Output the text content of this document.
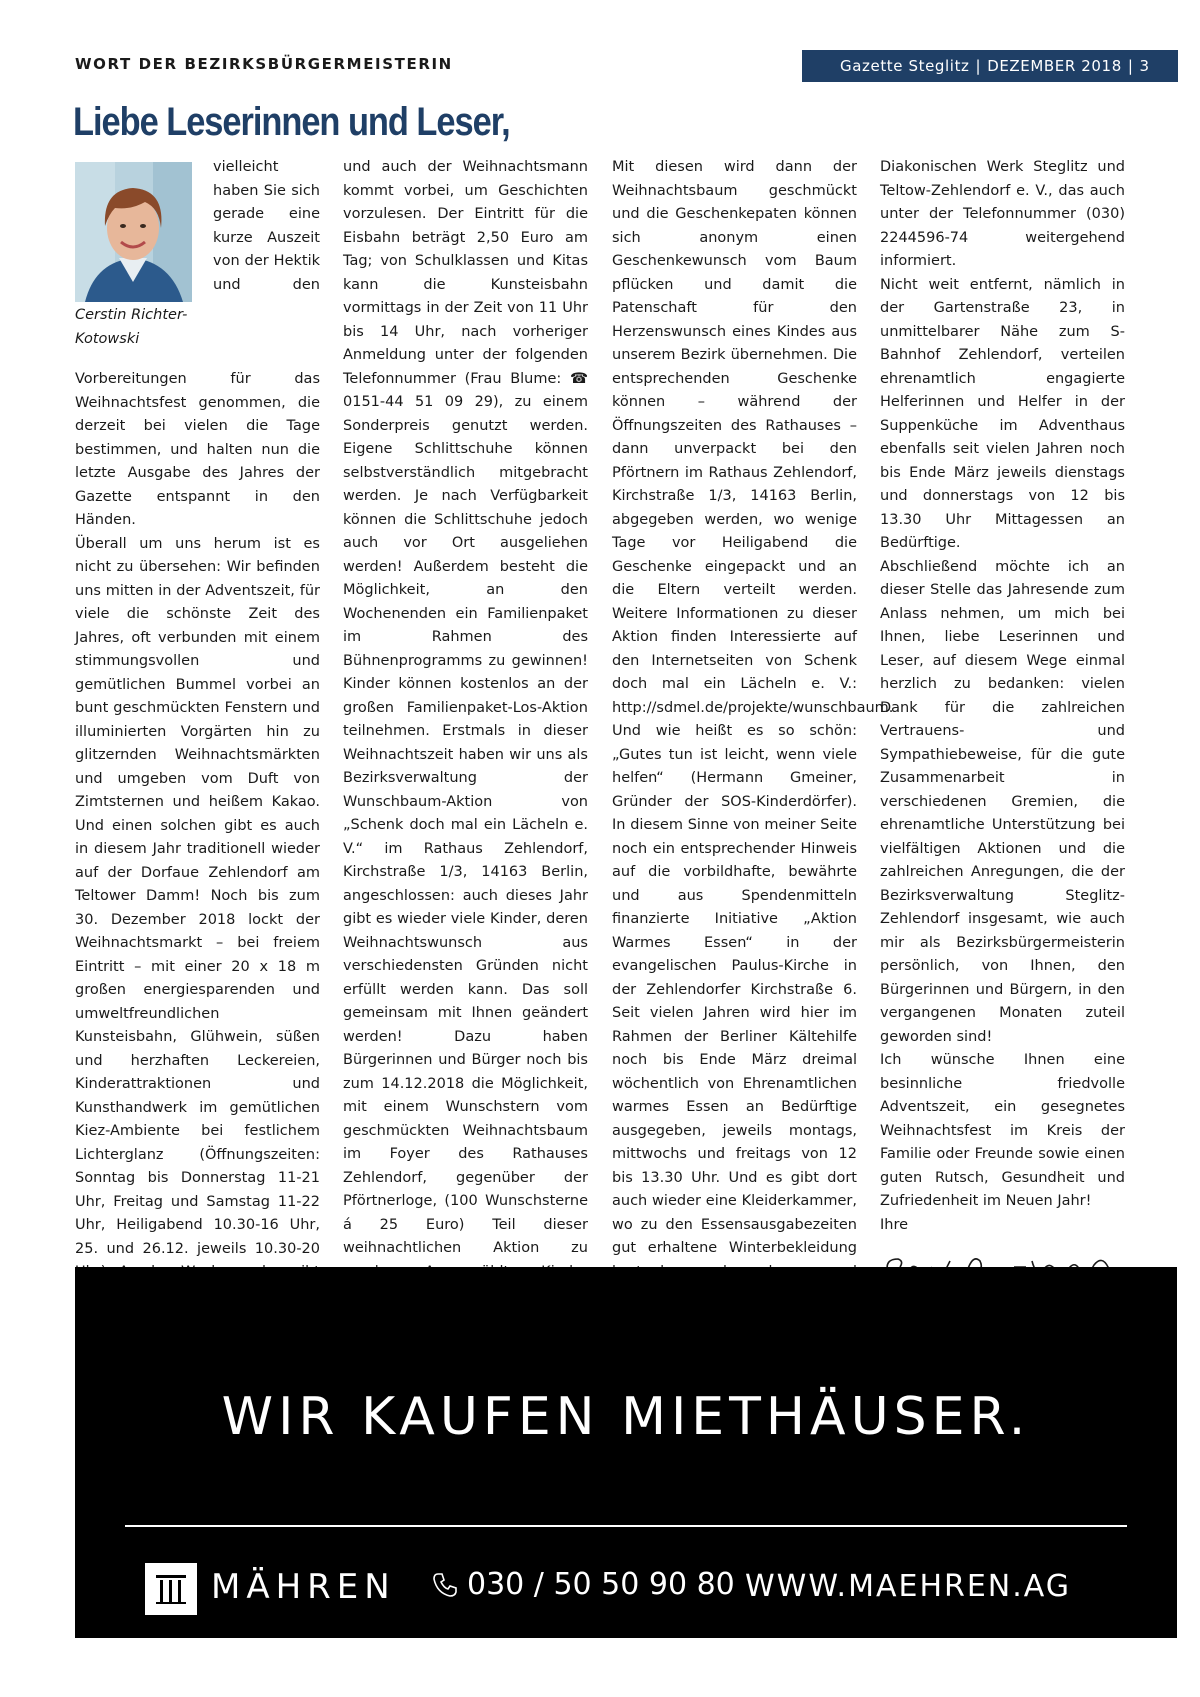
WORT DER BEZIRKSBÜRGERMEISTERIN	Gazette Steglitz | DEZEMBER 2018 | 3
Liebe Leserinnen und Leser,
Cerstin Richter-Kotowski

vielleicht haben Sie sich gerade eine kurze Auszeit von der Hektik und den Vorbereitungen für das Weihnachtsfest genommen, die derzeit bei vielen die Tage bestimmen, und halten nun die letzte Ausgabe des Jahres der Gazette entspannt in den Händen.

Überall um uns herum ist es nicht zu übersehen: Wir befinden uns mitten in der Adventszeit, für viele die schönste Zeit des Jahres, oft verbunden mit einem stimmungsvollen und gemütlichen Bummel vorbei an bunt geschmückten Fenstern und illuminierten Vorgärten hin zu glitzernden Weihnachtsmärkten und umgeben vom Duft von Zimtsternen und heißem Kakao. Und einen solchen gibt es auch in diesem Jahr traditionell wieder auf der Dorfaue Zehlendorf am Teltower Damm! Noch bis zum 30. Dezember 2018 lockt der Weihnachtsmarkt – bei freiem Eintritt – mit einer 20 x 18 m großen energiesparenden und umweltfreundlichen Kunsteisbahn, Glühwein, süßen und herzhaften Leckereien, Kinderattraktionen und Kunsthandwerk im gemütlichen Kiez-Ambiente bei festlichem Lichterglanz (Öffnungszeiten: Sonntag bis Donnerstag 11-21 Uhr, Freitag und Samstag 11-22 Uhr, Heiligabend 10.30-16 Uhr, 25. und 26.12. jeweils 10.30-20

und auch der Weihnachtsmann kommt vorbei, um Geschichten vorzulesen. Der Eintritt für die Eisbahn beträgt 2,50 Euro am Tag; von Schulklassen und Kitas kann die Kunsteisbahn vormittags in der Zeit von 11 Uhr bis 14 Uhr, nach vorheriger Anmeldung unter der folgenden Telefonnummer (Frau Blume: ☎ 0151-44 51 09 29), zu einem Sonderpreis genutzt werden. Eigene Schlittschuhe können selbstverständlich mitgebracht werden. Je nach Verfügbarkeit können die Schlittschuhe jedoch auch vor Ort ausgeliehen werden! Außerdem besteht die Möglichkeit, an den Wochenenden ein Familienpaket im Rahmen des Bühnenprogramms zu gewinnen! Kinder können kostenlos an der großen Familienpaket-Los-Aktion teilnehmen. Erstmals in dieser Weihnachtszeit haben wir uns als Bezirksverwaltung der Wunschbaum-Aktion von „Schenk doch mal ein Lächeln e. V.“ im Rathaus Zehlendorf, Kirchstraße 1/3, 14163 Berlin, angeschlossen: auch dieses Jahr gibt es wieder viele Kinder, deren Weihnachtswunsch aus verschiedensten Gründen nicht erfüllt werden kann. Das soll gemeinsam mit Ihnen geändert werden! Dazu haben Bürgerinnen und Bürger noch bis zum 14.12.2018 die Möglichkeit, mit einem Wunschstern vom geschmückten Weihnachtsbaum im Foyer des Rathauses Zehlendorf, gegenüber der Pförtnerloge, (100 Wunschsterne á 25 Euro) Teil dieser weihnachtlichen Aktion zu

Mit diesen wird dann der Weihnachtsbaum geschmückt und die Geschenkepaten können sich anonym einen Geschenkewunsch vom Baum pflücken und damit die Patenschaft für den Herzenswunsch eines Kindes aus unserem Bezirk übernehmen. Die entsprechenden Geschenke können – während der Öffnungszeiten des Rathauses – dann unverpackt bei den Pförtnern im Rathaus Zehlendorf, Kirchstraße 1/3, 14163 Berlin, abgegeben werden, wo wenige Tage vor Heiligabend die Geschenke eingepackt und an die Eltern verteilt werden. Weitere Informationen zu dieser Aktion finden Interessierte auf den Internetseiten von Schenk doch mal ein Lächeln e. V.: http://sdmel.de/projekte/wunschbaum.

Und wie heißt es so schön: „Gutes tun ist leicht, wenn viele helfen“ (Hermann Gmeiner, Gründer der SOS-Kinderdörfer). In diesem Sinne von meiner Seite noch ein entsprechender Hinweis auf die vorbildhafte, bewährte und aus Spendenmitteln finanzierte Initiative „Aktion Warmes Essen“ in der evangelischen Paulus-Kirche in der Zehlendorfer Kirchstraße 6. Seit vielen Jahren wird hier im Rahmen der Berliner Kältehilfe noch bis Ende März dreimal wöchentlich von Ehrenamtlichen warmes Essen an Bedürftige ausgegeben, jeweils montags, mittwochs und freitags von 12 bis 13.30 Uhr. Und es gibt dort auch wieder eine Kleiderkammer, wo zu den Essensausgabezeiten gut erhaltene Winterbekleidung

Diakonischen Werk Steglitz und Teltow-Zehlendorf e. V., das auch unter der Telefonnummer (030) 2244596-74 weitergehend informiert.

Nicht weit entfernt, nämlich in der Gartenstraße 23, in unmittelbarer Nähe zum S-Bahnhof Zehlendorf, verteilen ehrenamtlich engagierte Helferinnen und Helfer in der Suppenküche im Adventhaus ebenfalls seit vielen Jahren noch bis Ende März jeweils dienstags und donnerstags von 12 bis 13.30 Uhr Mittagessen an Bedürftige.

Abschließend möchte ich an dieser Stelle das Jahresende zum Anlass nehmen, um mich bei Ihnen, liebe Leserinnen und Leser, auf diesem Wege einmal herzlich zu bedanken: vielen Dank für die zahlreichen Vertrauens- und Sympathiebeweise, für die gute Zusammenarbeit in verschiedenen Gremien, die ehrenamtliche Unterstützung bei vielfältigen Aktionen und die zahlreichen Anregungen, die der Bezirksverwaltung Steglitz-Zehlendorf insgesamt, wie auch mir als Bezirksbürgermeisterin persönlich, von Ihnen, den Bürgerinnen und Bürgern, in den vergangenen Monaten zuteil geworden sind!

Ich wünsche Ihnen eine besinnliche friedvolle Adventszeit, ein gesegnetes Weihnachtsfest im Kreis der Familie oder Freunde sowie einen guten Rutsch, Gesundheit und Zufriedenheit im Neuen Jahr!

Ihre

WIR KAUFEN MIETHÄUSER.
MÄHREN 030 / 50 50 90 80 WWW.MAEHREN.AG
